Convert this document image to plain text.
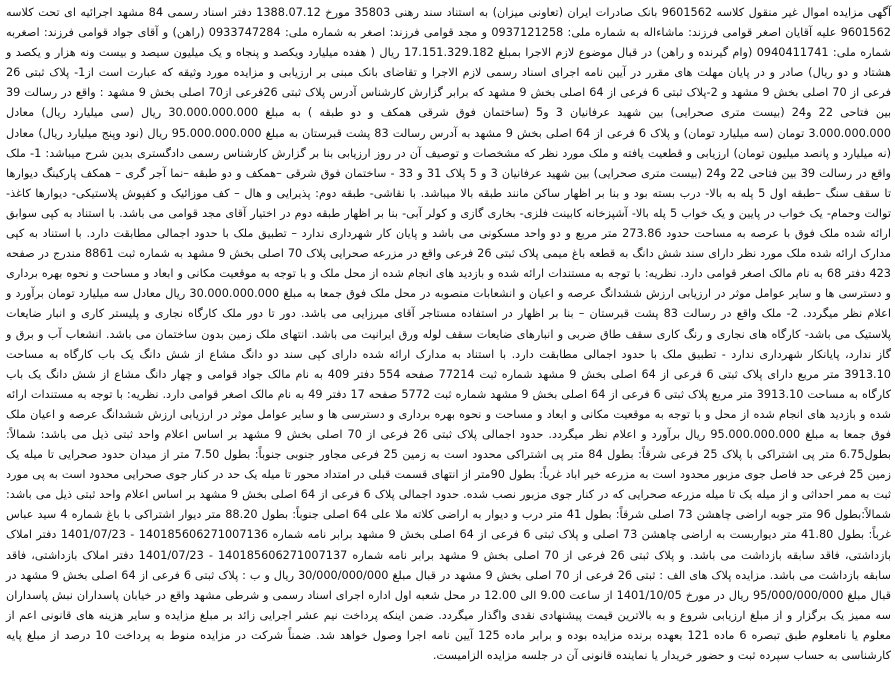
آگهی مزایده اموال غیر منقول کلاسه 9601562 بانک صادرات ایران (تعاونی میزان) به استناد سند رهنی 35803 مورخ 1388.07.12 دفتر اسناد رسمی 84 مشهد اجرائیه ای تحت کلاسه 9601562 علیه آقایان اصغر قوامی فرزند: ماشاءاله به شماره ملی: 0937121258 و مجد قوامی فرزند: اصغر به شماره ملی: 0933747284 (راهن) و آقای جواد قوامی فرزند: اصغربه شماره ملی: 0940411741 (وام گیرنده و راهن) در قبال موضوع لازم الاجرا بمبلغ 17.151.329.182 ریال ( هفده میلیارد ویکصد و پنجاه و یک میلیون سیصد و بیست ونه هزار و یکصد و هشتاد و دو ریال) صادر و در پایان مهلت های مقرر در آیین نامه اجرای اسناد رسمی لازم الاجرا و تقاضای بانک مبنی بر ارزیابی و مزایده مورد وثیقه که عبارت است از1- پلاک ثبتی 26 فرعی از 70 اصلی بخش 9 مشهد و 2-پلاک ثبتی 6 فرعی از 64 اصلی بخش 9 مشهد که برابر گزارش کارشناس آدرس پلاک ثبتی 26فرعی از70 اصلی بخش 9 مشهد : واقع در رسالت 39 بین فتاحی 22 و24 (بیست متری صحرایی) بین شهید عرفانیان 3 و5 (ساختمان فوق شرقی همکف و دو طبقه ) به مبلغ 30.000.000.000 ریال (سی میلیارد ریال) معادل 3.000.000.000 تومان (سه میلیارد تومان) و پلاک 6 فرعی از 64 اصلی بخش 9 مشهد به آدرس رسالت 83 پشت قبرستان به مبلغ 95.000.000.000 ریال (نود وپنج میلیارد ریال) معادل (نه میلیارد و پانصد میلیون تومان) ارزیابی و قطعیت یافته و ملک مورد نظر که مشخصات و توصیف آن در روز ارزیابی بنا بر گزارش کارشناس رسمی دادگستری بدین شرح میباشد: 1- ملک واقع در رسالت 39 بین فتاحی 22 و24 (بیست متری صحرایی) بین شهید عرفانیان 3 و 5 پلاک 31 و 33 - ساختمان فوق شرقی –همکف و دو طبقه –نما آجر گری – همکف پارکینگ دیوارها تا سقف سنگ –طبقه اول 5 پله به بالا- درب بسته بود و بنا بر اظهار ساکن مانند طبقه بالا میباشد. با نقاشی- طبقه دوم: پذیرایی و هال – کف موزائیک و کفپوش پلاستیکی- دیوارها کاغذ- توالت وحمام- یک خواب در پایین و یک خواب 5 پله بالا- آشپزخانه کابینت فلزی- بخاری گازی و کولر آبی- بنا بر اظهار طبقه دوم در اختیار آقای مجد قوامی می باشد. با استناد به کپی سوابق ارائه شده ملک فوق با عرصه به مساحت حدود 273.86 متر مربع و دو واحد مسکونی می باشد و پایان کار شهرداری ندارد – تطبیق ملک با حدود اجمالی مطابقت دارد. با استناد به کپی مدارک ارائه شده ملک مورد نظر دارای سند شش دانگ به قطعه باغ میمی پلاک ثبتی 26 فرعی واقع در مزرعه صحرایی پلاک 70 اصلی بخش 9 مشهد به شماره ثبت 8861 مندرج در صفحه 423 دفتر 68 به نام مالک اصغر قوامی دارد. نظریه: با توجه به مستندات ارائه شده و بازدید های انجام شده از محل ملک و با توجه به موقعیت مکانی و ابعاد و مساحت و نحوه بهره برداری و دسترسی ها و سایر عوامل موثر در ارزیابی ارزش ششدانگ عرصه و اعیان و انشعابات منصوبه در محل ملک فوق جمعا به مبلغ 30.000.000.000 ریال معادل سه میلیارد تومان برآورد و اعلام نظر میگردد. 2- ملک واقع در رسالت 83 پشت قبرستان – بنا بر اظهار در استفاده مستاجر آقای میرزایی می باشد. دور تا دور ملک کارگاه نجاری و پلیستر کاری و انبار ضایعات پلاستیک می باشد- کارگاه های نجاری و رنگ کاری سقف طاق ضربی و انبارهای ضایعات سقف لوله ورق ایرانیت می باشد. انتهای ملک زمین بدون ساختمان می باشد. انشعاب آب و برق و گاز ندارد، پایانکار شهرداری ندارد - تطبیق ملک با حدود اجمالی مطابقت دارد. با استناد به مدارک ارائه شده دارای کپی سند دو دانگ مشاع از شش دانگ یک باب کارگاه به مساحت 3913.10 متر مربع دارای پلاک ثبتی 6 فرعی از 64 اصلی بخش 9 مشهد شماره ثبت 77214 صفحه 554 دفتر 409 به نام مالک جواد قوامی و چهار دانگ مشاع از شش دانگ یک باب کارگاه به مساحت 3913.10 متر مربع پلاک ثبتی 6 فرعی از 64 اصلی بخش 9 مشهد شماره ثبت 5772 صفحه 17 دفتر 49 به نام مالک اصغر قوامی دارد. نظریه: با توجه به مستندات ارائه شده و بازدید های انجام شده از محل و با توجه به موقعیت مکانی و ابعاد و مساحت و نحوه بهره برداری و دسترسی ها و سایر عوامل موثر در ارزیابی ارزش ششدانگ عرصه و اعیان ملک فوق جمعا به مبلغ 95.000.000.000 ریال برآورد و اعلام نظر میگردد. حدود اجمالی پلاک ثبتی 26 فرعی از 70 اصلی بخش 9 مشهد بر اساس اعلام واحد ثبتی ذیل می باشد: شمالاً: بطول6.75 متر پی اشتراکی با پلاک 25 فرعی شرقاً: بطول 84 متر پی اشتراکی محدود است به زمین 25 فرعی مجاور جنوبی جنوباً: بطول 7.50 متر از میدان حدود صحرایی تا میله یک زمین 25 فرعی حد فاصل جوی مزبور محدود است به مزرعه خیر اباد غرباً: بطول 90متر از انتهای قسمت قبلی در امتداد محور تا میله یک حد در کنار جوی صحرایی محدود است به پی مورد ثبت به ممر احداثی و از میله یک تا میله مزرعه صحرایی که در کنار جوی مزبور نصب شده. حدود اجمالی پلاک 6 فرعی از 64 اصلی بخش 9 مشهد بر اساس اعلام واحد ثبتی ذیل می باشد: شمالاً:بطول 96 متر جوبه اراضی چاهشن 73 اصلی شرقاً: بطول 41 متر درب و دیوار به اراضی کلاته ملا علی 64 اصلی جنوباً: بطول 88.20 متر دیوار اشتراکی با باغ شماره 4 سید عباس غرباً: بطول 41.80 متر دیواربست به اراضی چاهشن 73 اصلی و پلاک ثبتی 6 فرعی از 64 اصلی بخش 9 مشهد برابر نامه شماره 140185606271007136 - 1401/07/23 دفتر املاک بازداشتی، فاقد سابقه بازداشت می باشد. و پلاک ثبتی 26 فرعی از 70 اصلی بخش 9 مشهد برابر نامه شماره 140185606271007137 - 1401/07/23 دفتر املاک بازداشتی، فاقد سابقه بازداشت می باشد. مزایده پلاک های الف : ثبتی 26 فرعی از 70 اصلی بخش 9 مشهد در قبال مبلغ 30/000/000/000 ریال و ب : پلاک ثبتی 6 فرعی از 64 اصلی بخش 9 مشهد در قبال مبلغ 95/000/000/000 ریال در مورخ 1401/10/05 از ساعت 9.00 الی 12.00 در محل شعبه اول اداره اجرای اسناد رسمی و شرطی مشهد واقع در خیابان پاسداران نبش پاسداران سه ممیز یک برگزار و از مبلغ ارزیابی شروع و به بالاترین قیمت پیشنهادی نقدی واگذار میگردد. ضمن اینکه پرداخت نیم عشر اجرایی زائد بر مبلغ مزایده و سایر هزینه های قانونی اعم از معلوم یا نامعلوم طبق تبصره 6 ماده 121 بعهده برنده مزایده بوده و برابر ماده 125 آیین نامه اجرا وصول خواهد شد. ضمناً شرکت در مزایده منوط به پرداخت 10 درصد از مبلغ پایه کارشناسی به حساب سپرده ثبت و حضور خریدار یا نماینده قانونی آن در جلسه مزایده الزامیست.
